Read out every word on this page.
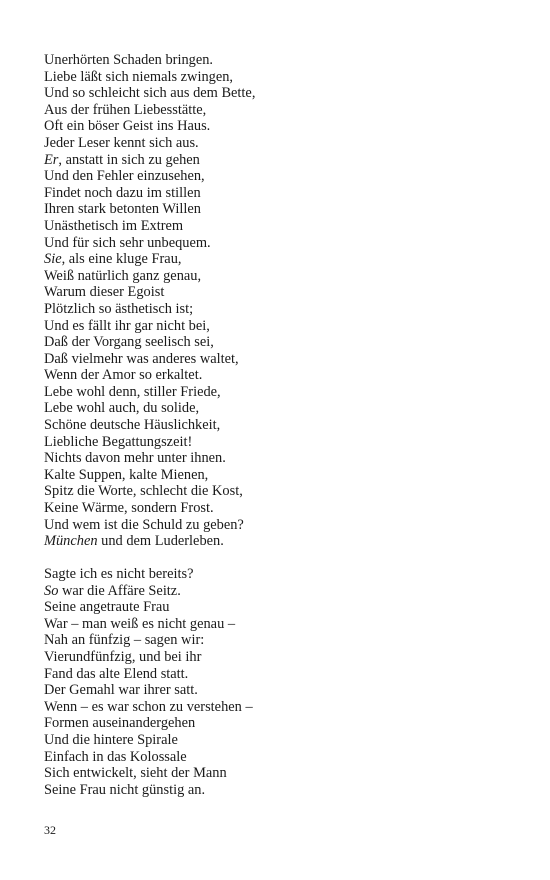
Unerhörten Schaden bringen.
Liebe läßt sich niemals zwingen,
Und so schleicht sich aus dem Bette,
Aus der frühen Liebesstätte,
Oft ein böser Geist ins Haus.
Jeder Leser kennt sich aus.
Er, anstatt in sich zu gehen
Und den Fehler einzusehen,
Findet noch dazu im stillen
Ihren stark betonten Willen
Unästhetisch im Extrem
Und für sich sehr unbequem.
Sie, als eine kluge Frau,
Weiß natürlich ganz genau,
Warum dieser Egoist
Plötzlich so ästhetisch ist;
Und es fällt ihr gar nicht bei,
Daß der Vorgang seelisch sei,
Daß vielmehr was anderes waltet,
Wenn der Amor so erkaltet.
Lebe wohl denn, stiller Friede,
Lebe wohl auch, du solide,
Schöne deutsche Häuslichkeit,
Liebliche Begattungszeit!
Nichts davon mehr unter ihnen.
Kalte Suppen, kalte Mienen,
Spitz die Worte, schlecht die Kost,
Keine Wärme, sondern Frost.
Und wem ist die Schuld zu geben?
München und dem Luderleben.
Sagte ich es nicht bereits?
So war die Affäre Seitz.
Seine angetraute Frau
War – man weiß es nicht genau –
Nah an fünfzig – sagen wir:
Vierundfünfzig, und bei ihr
Fand das alte Elend statt.
Der Gemahl war ihrer satt.
Wenn – es war schon zu verstehen –
Formen auseinandergehen
Und die hintere Spirale
Einfach in das Kolossale
Sich entwickelt, sieht der Mann
Seine Frau nicht günstig an.
32
